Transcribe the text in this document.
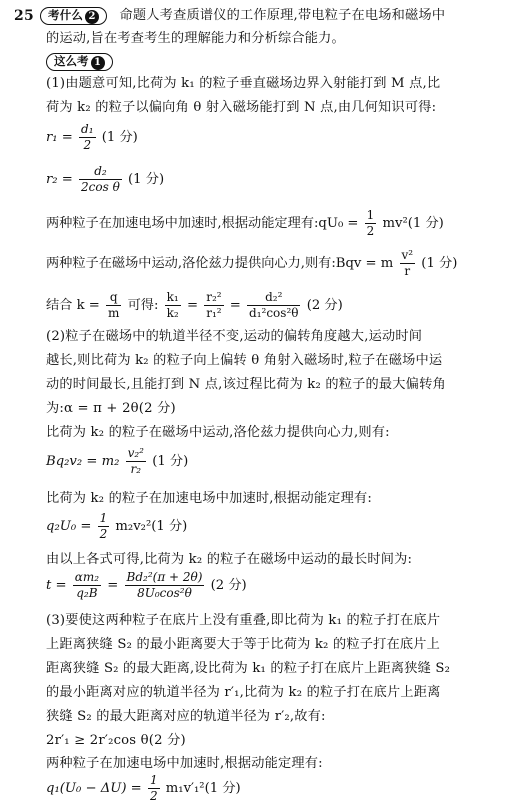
25	考什么 2 命题人考查质谱仪的工作原理,带电粒子在电场和磁场中
的运动,旨在考查考生的理解能力和分析综合能力。
这么考 1
(1)由题意可知,比荷为 k₁ 的粒子垂直磁场边界入射能打到 M 点,比
荷为 k₂ 的粒子以偏向角 θ 射入磁场能打到 N 点,由几何知识可得:
$r_1 = \frac{\text{d₁}}{2} (1$ 分)
$r_2 = \frac{\text{d₂}}{\text{2cos θ}} (1$ 分)
两种粒子在加速电场中加速时,根据动能定理有:qU₀ = $\frac{1}{2} mv^2(1$ 分)
两种粒子在磁场中运动,洛伦兹力提供向心力,则有:Bqv = m $\frac{\text{v²}}{r} (1$ 分)
结合 $k = \frac{q}{m}$ 可得: $\frac{\text{k₁}}{\text{k₂}} = \frac{\text{r₂²}}{\text{r₁²}} = \frac{\text{d₂²}}{\text{d₁²cos²θ}} (2$ 分)
(2)粒子在磁场中的轨道半径不变,运动的偏转角度越大,运动时间
越长,则比荷为 k₂ 的粒子向上偏转 θ 角射入磁场时,粒子在磁场中运
动的时间最长,且能打到 N 点,该过程比荷为 k₂ 的粒子的最大偏转角
为:α = π + 2θ(2 分)
比荷为 k₂ 的粒子在磁场中运动,洛伦兹力提供向心力,则有:
$Bq_2v_2 = m_2 \frac{\text{v₂²}}{\text{r₂}} (1$ 分)
比荷为 k₂ 的粒子在加速电场中加速时,根据动能定理有:
$q_2U_0 = \frac{1}{2} m_2v_2^2(1$ 分)
由以上各式可得,比荷为 k₂ 的粒子在磁场中运动的最长时间为:
$t = \frac{\text{αm₂}}{\text{q₂B}} = \frac{\text{Bd₂²(π + 2θ)}}{\text{8U₀cos²θ}} (2$ 分)
(3)要使这两种粒子在底片上没有重叠,即比荷为 k₁ 的粒子打在底片
上距离狭缝 S₂ 的最小距离要大于等于比荷为 k₂ 的粒子打在底片上
距离狭缝 S₂ 的最大距离,设比荷为 k₁ 的粒子打在底片上距离狭缝 S₂
的最小距离对应的轨道半径为 r′₁,比荷为 k₂ 的粒子打在底片上距离
狭缝 S₂ 的最大距离对应的轨道半径为 r′₂,故有:
2r′₁ ≥ 2r′₂cos θ(2 分)
两种粒子在加速电场中加速时,根据动能定理有:
$q_1(U_0 - \Delta U) = \frac{1}{2} m_1v'_1^2(1$ 分)
